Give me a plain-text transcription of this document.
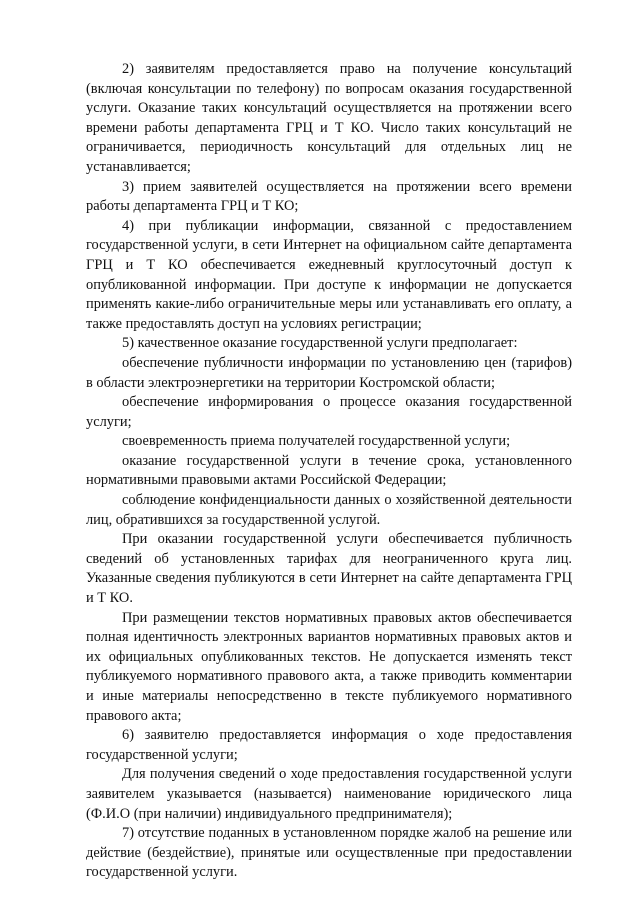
2) заявителям предоставляется право на получение консультаций (включая консультации по телефону) по вопросам оказания государственной услуги. Оказание таких консультаций осуществляется на протяжении всего времени работы департамента ГРЦ и Т КО. Число таких консультаций не ограничивается, периодичность консультаций для отдельных лиц не устанавливается;

3) прием заявителей осуществляется на протяжении всего времени работы департамента ГРЦ и Т КО;

4) при публикации информации, связанной с предоставлением государственной услуги, в сети Интернет на официальном сайте департамента ГРЦ и Т КО обеспечивается ежедневный круглосуточный доступ к опубликованной информации. При доступе к информации не допускается применять какие-либо ограничительные меры или устанавливать его оплату, а также предоставлять доступ на условиях регистрации;

5) качественное оказание государственной услуги предполагает:

обеспечение публичности информации по установлению цен (тарифов) в области электроэнергетики на территории Костромской области;

обеспечение информирования о процессе оказания государственной услуги;

своевременность приема получателей государственной услуги;

оказание государственной услуги в течение срока, установленного нормативными правовыми актами Российской Федерации;

соблюдение конфиденциальности данных о хозяйственной деятельности лиц, обратившихся за государственной услугой.

При оказании государственной услуги обеспечивается публичность сведений об установленных тарифах для неограниченного круга лиц. Указанные сведения публикуются в сети Интернет на сайте департамента ГРЦ и Т КО.

При размещении текстов нормативных правовых актов обеспечивается полная идентичность электронных вариантов нормативных правовых актов и их официальных опубликованных текстов. Не допускается изменять текст публикуемого нормативного правового акта, а также приводить комментарии и иные материалы непосредственно в тексте публикуемого нормативного правового акта;

6) заявителю предоставляется информация о ходе предоставления государственной услуги;

Для получения сведений о ходе предоставления государственной услуги заявителем указывается (называется) наименование юридического лица (Ф.И.О (при наличии) индивидуального предпринимателя);

7) отсутствие поданных в установленном порядке жалоб на решение или действие (бездействие), принятые или осуществленные при предоставлении государственной услуги.
